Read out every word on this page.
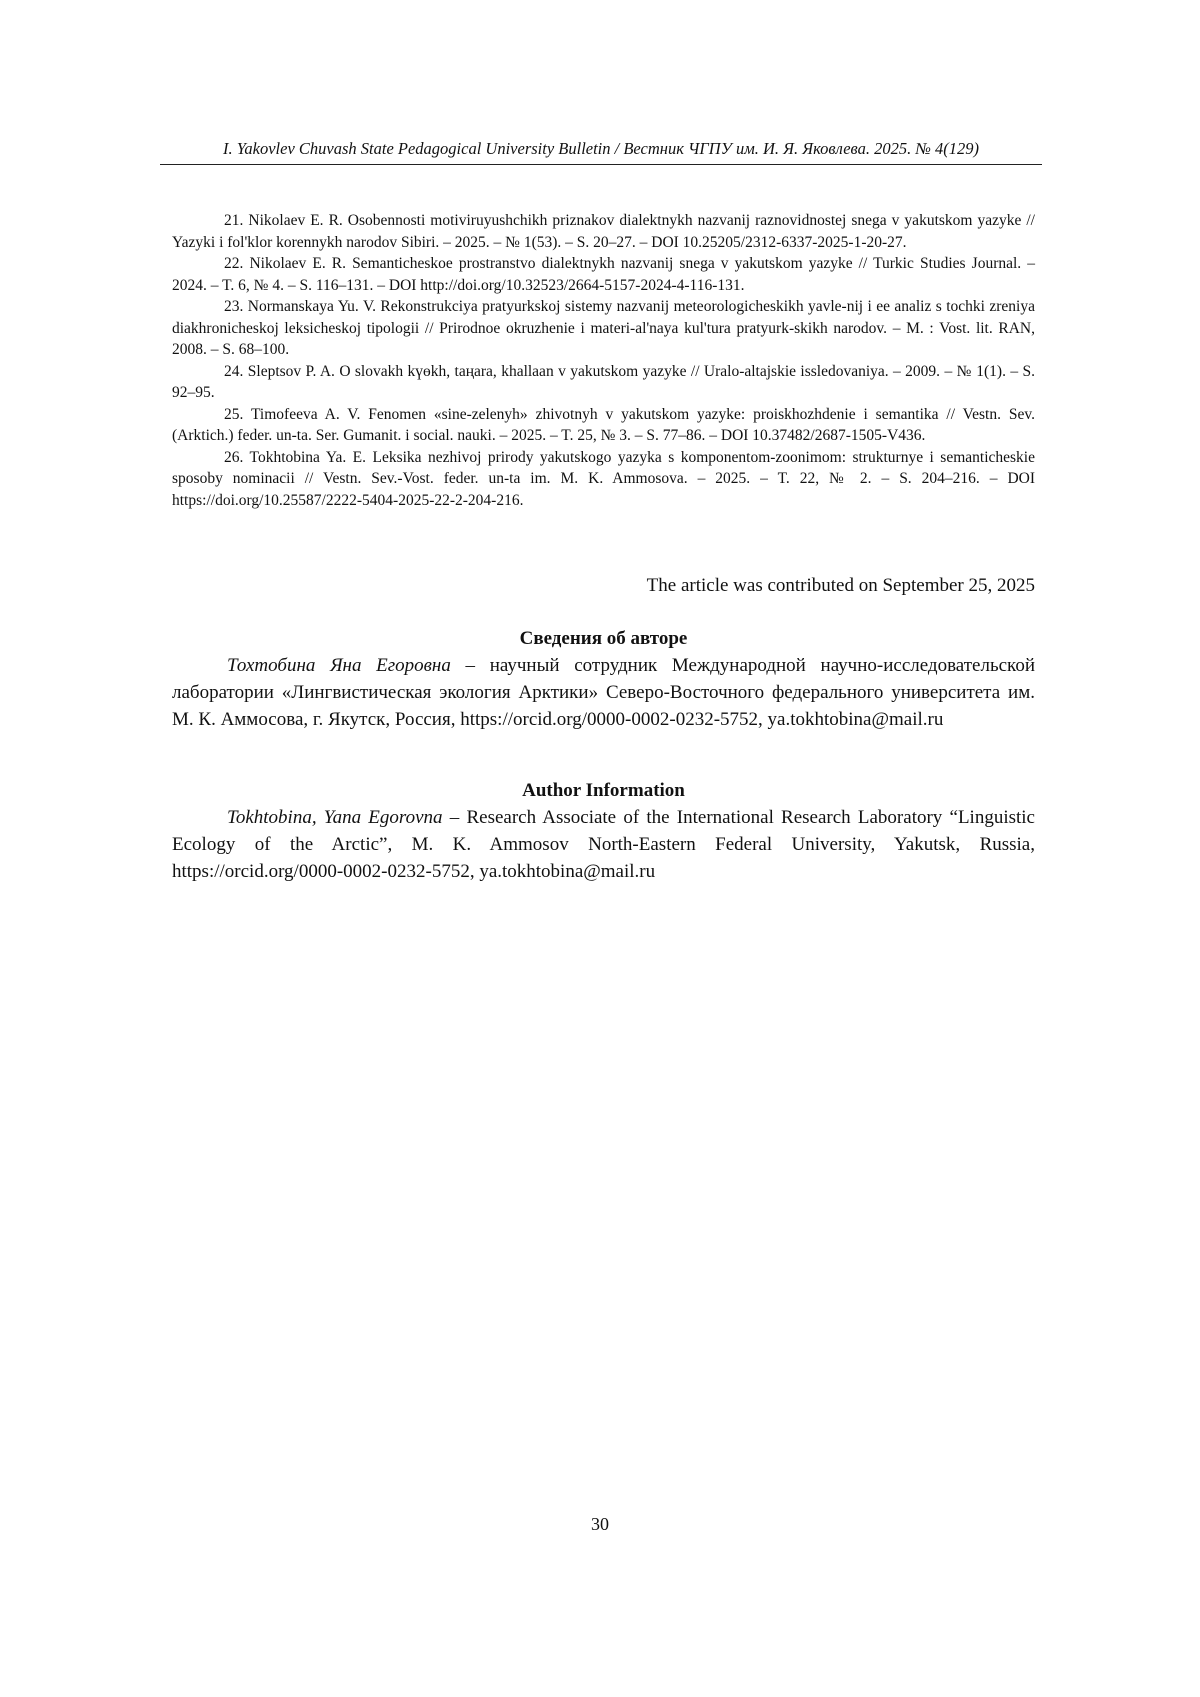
I. Yakovlev Chuvash State Pedagogical University Bulletin / Вестник ЧГПУ им. И. Я. Яковлева. 2025. № 4(129)

21. Nikolaev E. R. Osobennosti motiviruyushchikh priznakov dialektnykh nazvanij raznovidnostej snega v yakutskom yazyke // Yazyki i fol'klor korennykh narodov Sibiri. – 2025. – № 1(53). – S. 20–27. – DOI 10.25205/2312-6337-2025-1-20-27.

22. Nikolaev E. R. Semanticheskoe prostranstvo dialektnykh nazvanij snega v yakutskom yazyke // Turkic Studies Journal. – 2024. – T. 6, № 4. – S. 116–131. – DOI http://doi.org/10.32523/2664-5157-2024-4-116-131.

23. Normanskaya Yu. V. Rekonstrukciya pratyurkskoj sistemy nazvanij meteorologicheskikh yavle-nij i ee analiz s tochki zreniya diakhronicheskoj leksicheskoj tipologii // Prirodnoe okruzhenie i materi-al'naya kul'tura pratyurk-skikh narodov. – M. : Vost. lit. RAN, 2008. – S. 68–100.

24. Sleptsov P. A. O slovakh kүөkh, taңara, khallaan v yakutskom yazyke // Uralo-altajskie issledovaniya. – 2009. – № 1(1). – S. 92–95.

25. Timofeeva A. V. Fenomen «sine-zelenyh» zhivotnyh v yakutskom yazyke: proiskhozhdenie i semantika // Vestn. Sev. (Arktich.) feder. un-ta. Ser. Gumanit. i social. nauki. – 2025. – T. 25, № 3. – S. 77–86. – DOI 10.37482/2687-1505-V436.

26. Tokhtobina Ya. E. Leksika nezhivoj prirody yakutskogo yazyka s komponentom-zoonimom: strukturnye i semanticheskie sposoby nominacii // Vestn. Sev.-Vost. feder. un-ta im. M. K. Ammosova. – 2025. – T. 22, № 2. – S. 204–216. – DOI https://doi.org/10.25587/2222-5404-2025-22-2-204-216.

The article was contributed on September 25, 2025

Сведения об авторе

Тохтобина Яна Егоровна – научный сотрудник Международной научно-исследовательской лаборатории «Лингвистическая экология Арктики» Северо-Восточного федерального университета им. М. К. Аммосова, г. Якутск, Россия, https://orcid.org/0000-0002-0232-5752, ya.tokhtobina@mail.ru

Author Information

Tokhtobina, Yana Egorovna – Research Associate of the International Research Laboratory “Linguistic Ecology of the Arctic”, M. K. Ammosov North-Eastern Federal University, Yakutsk, Russia, https://orcid.org/0000-0002-0232-5752, ya.tokhtobina@mail.ru

30
